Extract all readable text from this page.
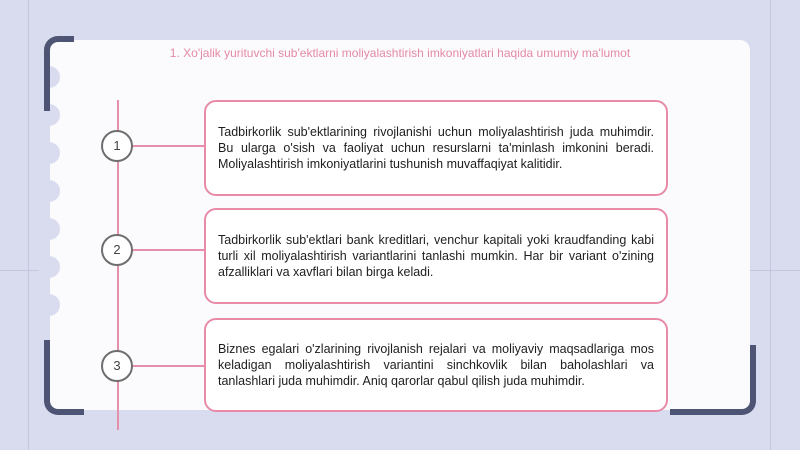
1. Xo'jalik yurituvchi sub'ektlarni moliyalashtirish imkoniyatlari haqida umumiy ma'lumot
1

Tadbirkorlik sub'ektlarining rivojlanishi uchun moliyalashtirish juda muhimdir. Bu ularga o'sish va faoliyat uchun resurslarni ta'minlash imkonini beradi. Moliyalashtirish imkoniyatlarini tushunish muvaffaqiyat kalitidir.

2

Tadbirkorlik sub'ektlari bank kreditlari, venchur kapitali yoki kraudfanding kabi turli xil moliyalashtirish variantlarini tanlashi mumkin. Har bir variant o'zining afzalliklari va xavflari bilan birga keladi.

3

Biznes egalari o'zlarining rivojlanish rejalari va moliyaviy maqsadlariga mos keladigan moliyalashtirish variantini sinchkovlik bilan baholashlari va tanlashlari juda muhimdir. Aniq qarorlar qabul qilish juda muhimdir.
